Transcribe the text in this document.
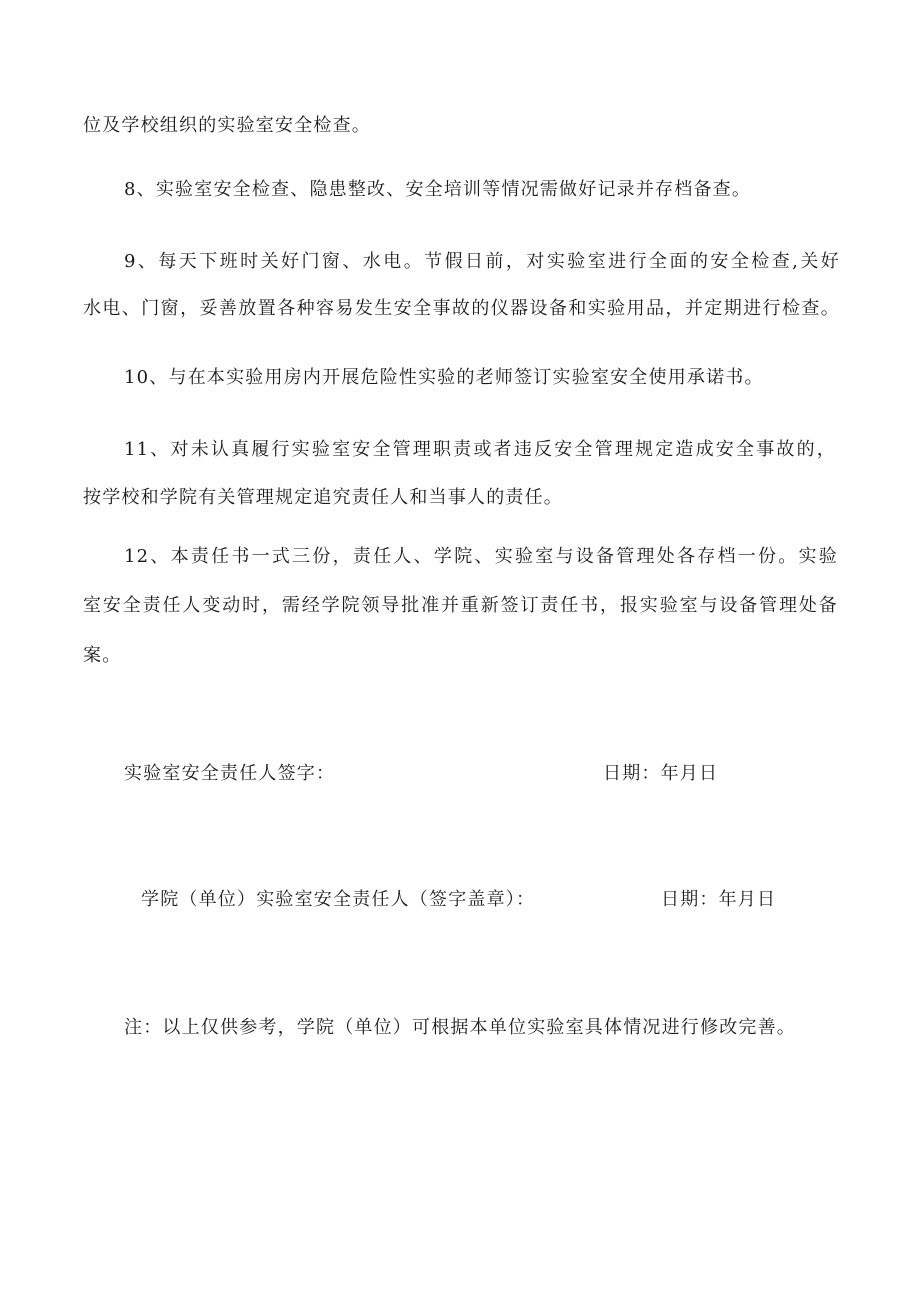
位及学校组织的实验室安全检查。
8、实验室安全检查、隐患整改、安全培训等情况需做好记录并存档备查。
9、每天下班时关好门窗、水电。节假日前，对实验室进行全面的安全检查,关好
水电、门窗，妥善放置各种容易发生安全事故的仪器设备和实验用品，并定期进行检查。
10、与在本实验用房内开展危险性实验的老师签订实验室安全使用承诺书。
11、对未认真履行实验室安全管理职责或者违反安全管理规定造成安全事故的，
按学校和学院有关管理规定追究责任人和当事人的责任。
12、本责任书一式三份，责任人、学院、实验室与设备管理处各存档一份。实验
室安全责任人变动时，需经学院领导批准并重新签订责任书，报实验室与设备管理处备
案。
实验室安全责任人签字：	日期：年月日
学院（单位）实验室安全责任人（签字盖章）：	日期：年月日
注：以上仅供参考，学院（单位）可根据本单位实验室具体情况进行修改完善。
